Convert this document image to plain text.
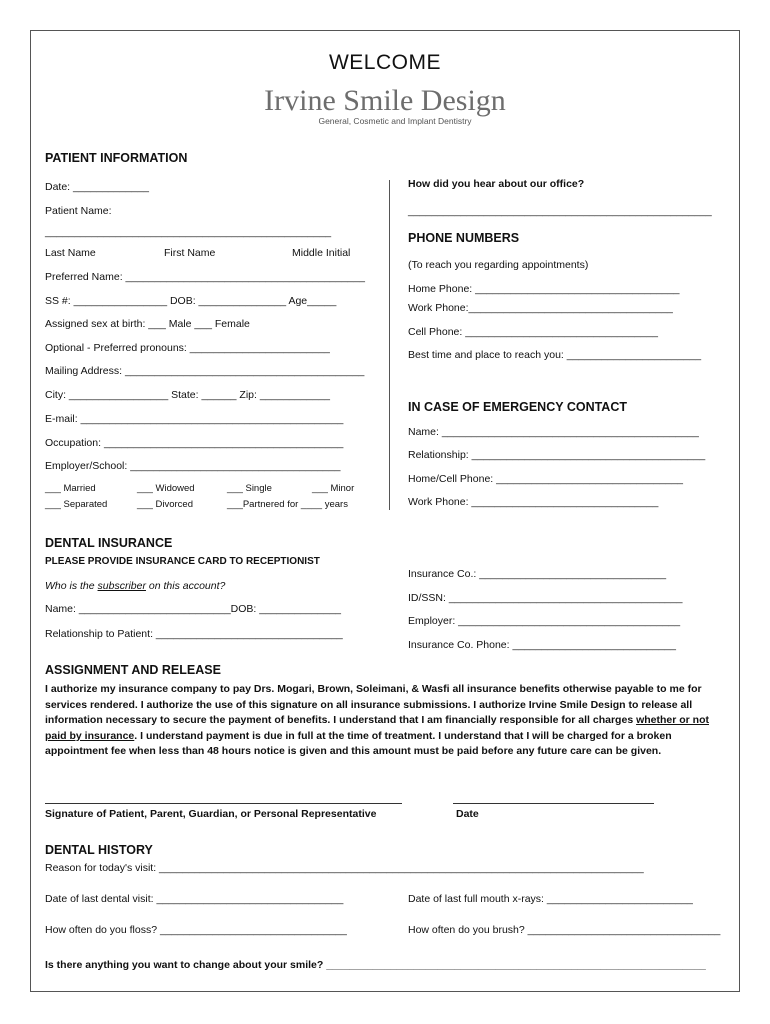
WELCOME
Irvine Smile Design
General, Cosmetic and Implant Dentistry
PATIENT INFORMATION
Date: _____________
Patient Name:
_________________________________________________
Last Name	First Name	Middle Initial
Preferred Name: _________________________________________
SS #: ________________ DOB: _______________ Age_____
Assigned sex at birth: ___ Male ___ Female
Optional - Preferred pronouns: ________________________
Mailing Address: _________________________________________
City: _________________ State: ______ Zip: ____________
E-mail: _____________________________________________
Occupation: _________________________________________
Employer/School: ____________________________________
___ Married	___ Widowed	___ Single	___ Minor
___ Separated	___ Divorced	___Partnered for ____ years
How did you hear about our office?
____________________________________________________
PHONE NUMBERS
(To reach you regarding appointments)
Home Phone: ___________________________________
Work Phone:___________________________________
Cell Phone: _________________________________
Best time and place to reach you: _______________________
IN CASE OF EMERGENCY CONTACT
Name: ____________________________________________
Relationship: ________________________________________
Home/Cell Phone: ________________________________
Work Phone: ________________________________
DENTAL INSURANCE
PLEASE PROVIDE INSURANCE CARD TO RECEPTIONIST
Who is the subscriber on this account?
Name: __________________________DOB: ______________
Relationship to Patient: ________________________________
Insurance Co.: ________________________________
ID/SSN: ________________________________________
Employer: ______________________________________
Insurance Co. Phone: ____________________________
ASSIGNMENT AND RELEASE
I authorize my insurance company to pay Drs. Mogari, Brown, Soleimani, & Wasfi all insurance benefits otherwise payable to me for services rendered. I authorize the use of this signature on all insurance submissions. I authorize Irvine Smile Design to release all information necessary to secure the payment of benefits. I understand that I am financially responsible for all charges whether or not paid by insurance. I understand payment is due in full at the time of treatment. I understand that I will be charged for a broken appointment fee when less than 48 hours notice is given and this amount must be paid before any future care can be given.
Signature of Patient, Parent, Guardian, or Personal Representative	Date
DENTAL HISTORY
Reason for today's visit: ___________________________________________________________________________________
Date of last dental visit: ________________________________	Date of last full mouth x-rays: _________________________
How often do you floss? ________________________________	How often do you brush? _________________________________
Is there anything you want to change about your smile? _________________________________________________________________
